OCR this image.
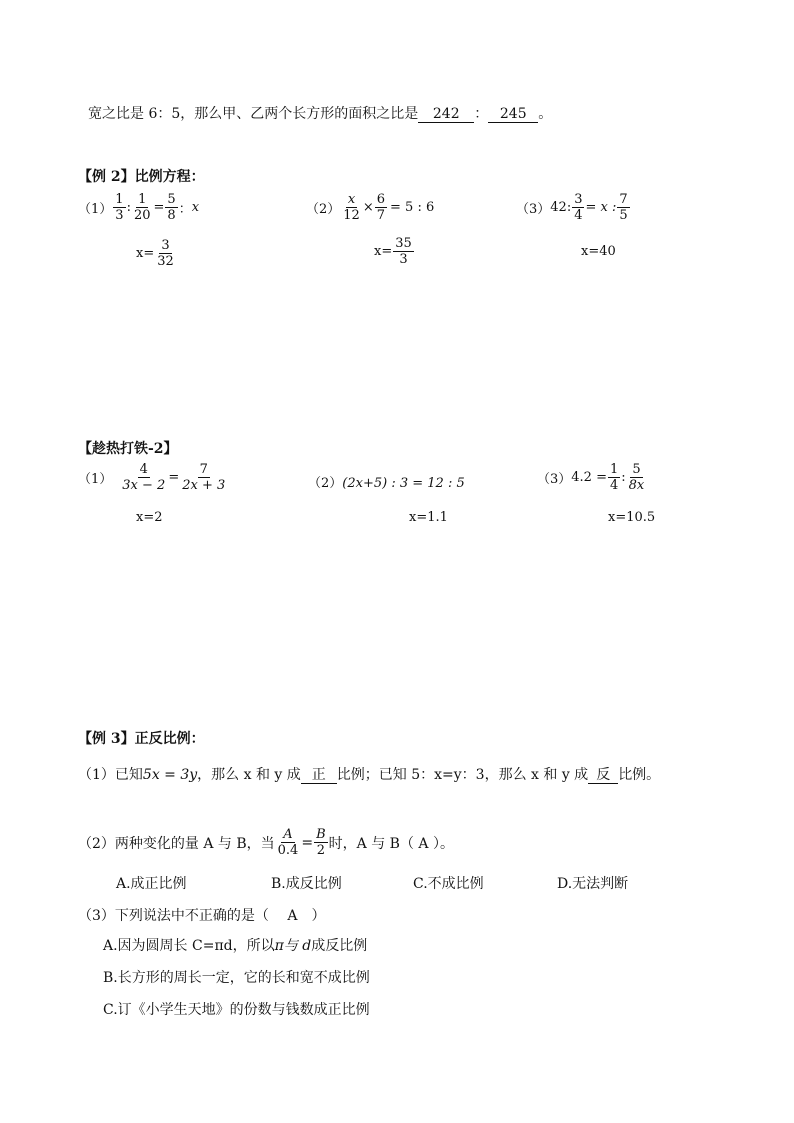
宽之比是 6：5，那么甲、乙两个长方形的面积之比是 242 ： 245 。
【例 2】比例方程：
$(1) \frac{1}{3}$ : $\frac{1}{20} = \frac{5}{8}$ ： x
$x= \frac{3}{32}$
$(2) \frac{x}{12} \times \frac{6}{7} = 5$ : 6
$x= \frac{35}{3}$
（3） 42: $\frac{3}{4} = x$ : $\frac{7}{5}$
x=40
【趁热打铁-2】
$(1) \frac{4}{3x - 2} = \frac{7}{2x + 3}$
x=2
（2）(2x+5) : 3 = 12 : 5
x=1.1
（3） $4.2 = \frac{1}{4}$ : $\frac{5}{8x}$
x=10.5
【例 3】正反比例：
（1）已知5x = 3y，那么 x 和 y 成 正 比例；已知 5：x=y：3，那么 x 和 y 成 反 比例。
（2）两种变化的量 A 与 B，当 $\frac{A}{0.4} = \frac{B}{2}$ 时，A 与 B（ A ）。
A.成正比例	B.成反比例	C.不成比例	D.无法判断
（3）下列说法中不正确的是（　 A　）
A.因为圆周长 C=πd，所以π与 d成反比例
B.长方形的周长一定，它的长和宽不成比例
C.订《小学生天地》的份数与钱数成正比例
